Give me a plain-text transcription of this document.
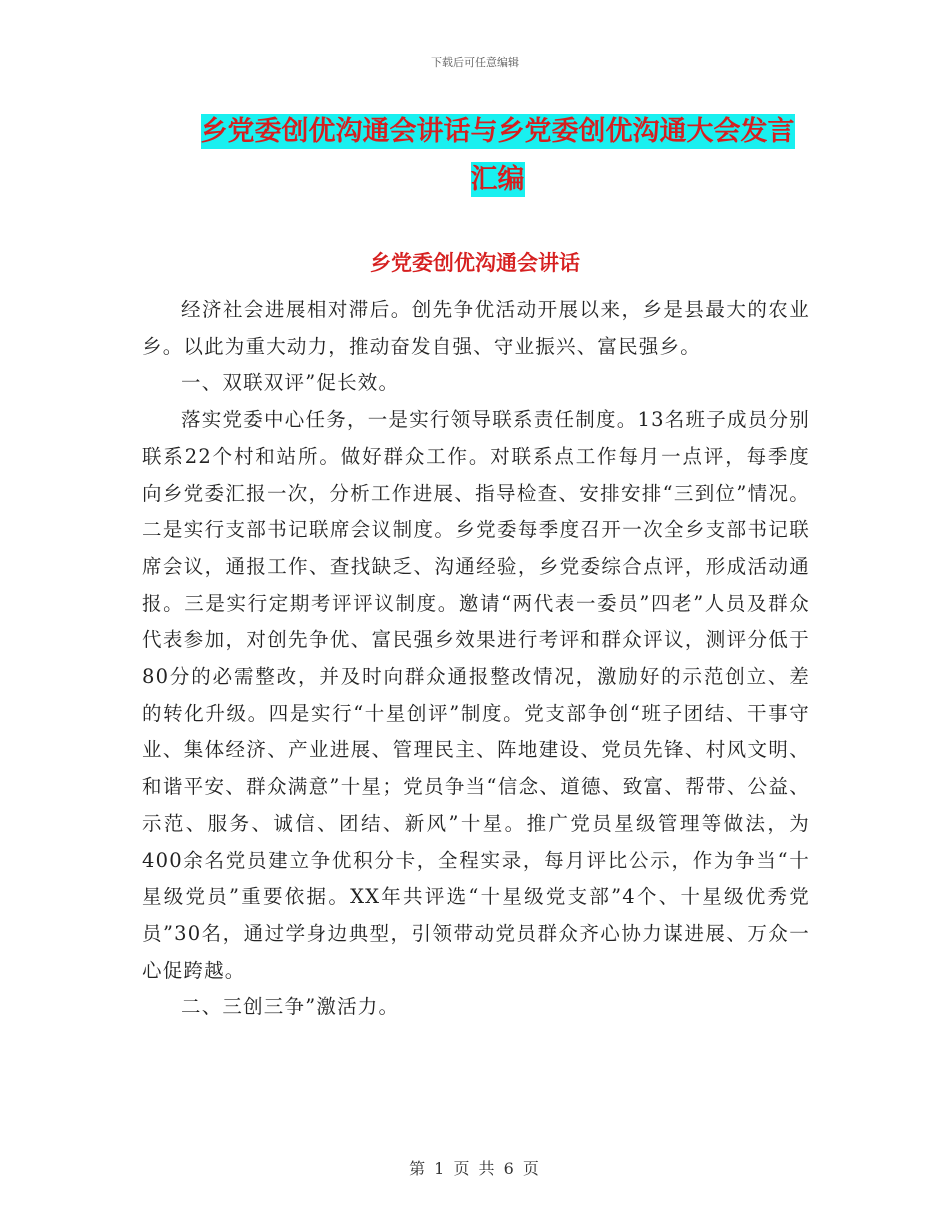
下载后可任意编辑
乡党委创优沟通会讲话与乡党委创优沟通大会发言汇编
乡党委创优沟通会讲话

经济社会进展相对滞后。创先争优活动开展以来，乡是县最大的农业乡。以此为重大动力，推动奋发自强、守业振兴、富民强乡。

一、双联双评”促长效。

落实党委中心任务，一是实行领导联系责任制度。13名班子成员分别联系22个村和站所。做好群众工作。对联系点工作每月一点评，每季度向乡党委汇报一次，分析工作进展、指导检查、安排安排“三到位”情况。二是实行支部书记联席会议制度。乡党委每季度召开一次全乡支部书记联席会议，通报工作、查找缺乏、沟通经验，乡党委综合点评，形成活动通报。三是实行定期考评评议制度。邀请“两代表一委员”四老”人员及群众代表参加，对创先争优、富民强乡效果进行考评和群众评议，测评分低于80分的必需整改，并及时向群众通报整改情况，激励好的示范创立、差的转化升级。四是实行“十星创评”制度。党支部争创“班子团结、干事守业、集体经济、产业进展、管理民主、阵地建设、党员先锋、村风文明、和谐平安、群众满意”十星；党员争当“信念、道德、致富、帮带、公益、示范、服务、诚信、团结、新风”十星。推广党员星级管理等做法，为400余名党员建立争优积分卡，全程实录，每月评比公示，作为争当“十星级党员”重要依据。XX年共评选“十星级党支部”4个、十星级优秀党员”30名，通过学身边典型，引领带动党员群众齐心协力谋进展、万众一心促跨越。

二、三创三争”激活力。

第 1 页 共 6 页
